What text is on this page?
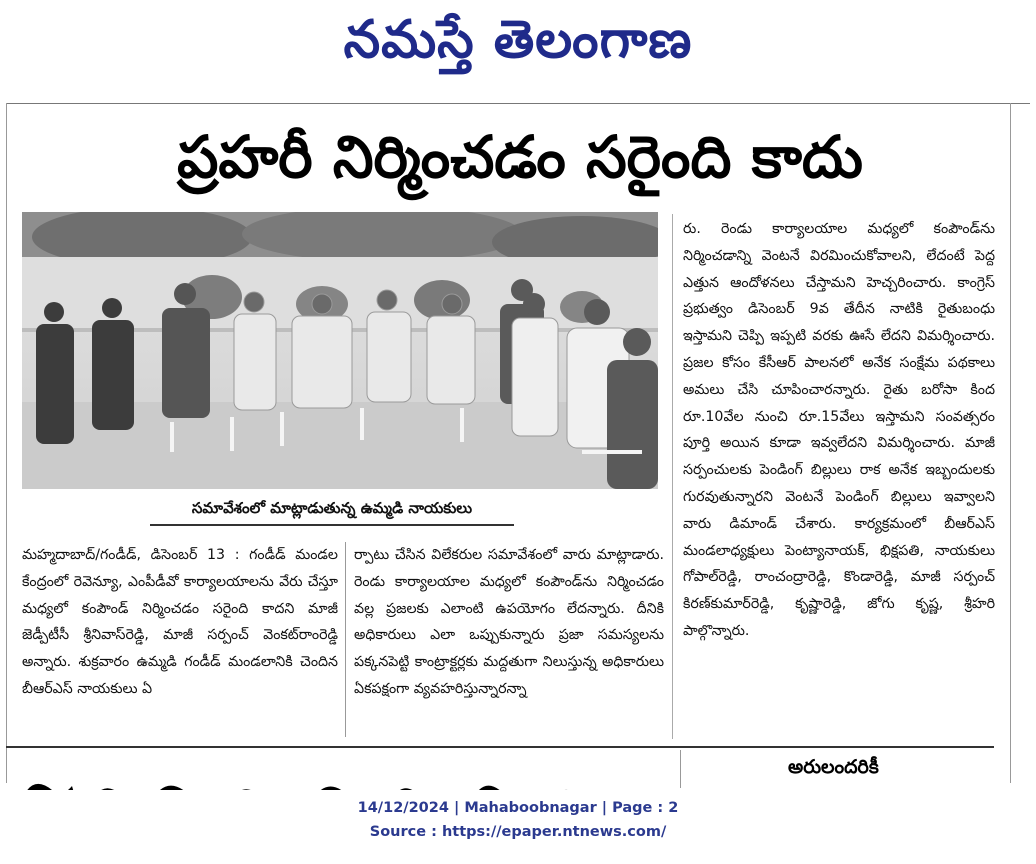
నమస్తే తెలంగాణ
ప్రహరీ నిర్మించడం సరైంది కాదు
సమావేశంలో మాట్లాడుతున్న ఉమ్మడి నాయకులు

రు. రెండు కార్యాలయాల మధ్యలో కంపౌండ్‌ను నిర్మించడాన్ని వెంటనే విరమించుకోవాలని, లేదంటే పెద్ద ఎత్తున ఆందోళనలు చేస్తామని హెచ్చరించారు. కాంగ్రెస్ ప్రభుత్వం డిసెంబర్ 9వ తేదీన నాటికి రైతుబంధు ఇస్తామని చెప్పి ఇప్పటి వరకు ఊసే లేదని విమర్శించారు. ప్రజల కోసం కేసీఆర్ పాలనలో అనేక సంక్షేమ పథకాలు అమలు చేసి చూపించారన్నారు. రైతు బరోసా కింద రూ.10వేల నుంచి రూ.15వేలు ఇస్తామని సంవత్సరం పూర్తి అయిన కూడా ఇవ్వలేదని విమర్శించారు. మాజీ సర్పంచులకు పెండింగ్ బిల్లులు రాక అనేక ఇబ్బందులకు గురవుతున్నారని వెంటనే పెండింగ్ బిల్లులు ఇవ్వాలని వారు డిమాండ్ చేశారు. కార్యక్రమంలో బీఆర్‌ఎస్ మండలాధ్యక్షులు పెంట్యానాయక్, భిక్షపతి, నాయకులు గోపాల్‌రెడ్డి, రాంచంద్రారెడ్డి, కొండారెడ్డి, మాజీ సర్పంచ్ కిరణ్‌కుమార్‌రెడ్డి, కృష్ణారెడ్డి, జోగు కృష్ణ, శ్రీహరి పాల్గొన్నారు.

మహ్మదాబాద్/గండీడ్, డిసెంబర్ 13 : గండీడ్ మండల కేంద్రంలో రెవెన్యూ, ఎంపీడీవో కార్యాలయాలను వేరు చేస్తూ మధ్యలో కంపౌండ్ నిర్మించడం సరైంది కాదని మాజీ జెడ్పీటీసీ శ్రీనివాస్‌రెడ్డి, మాజీ సర్పంచ్ వెంకట్‌రాంరెడ్డి అన్నారు. శుక్రవారం ఉమ్మడి గండీడ్ మండలానికి చెందిన బీఆర్‌ఎస్ నాయకులు ఏ

ర్పాటు చేసిన విలేకరుల సమావేశంలో వారు మాట్లాడారు. రెండు కార్యాలయాల మధ్యలో కంపౌండ్‌ను నిర్మించడం వల్ల ప్రజలకు ఎలాంటి ఉపయోగం లేదన్నారు. దీనికి అధికారులు ఎలా ఒప్పుకున్నారు ప్రజా సమస్యలను పక్కనపెట్టి కాంట్రాక్టర్లకు మద్దతుగా నిలుస్తున్న అధికారులు ఏకపక్షంగా వ్యవహరిస్తున్నారన్నా

అరులందరికీ
14/12/2024 | Mahaboobnagar | Page : 2
Source : https://epaper.ntnews.com/
